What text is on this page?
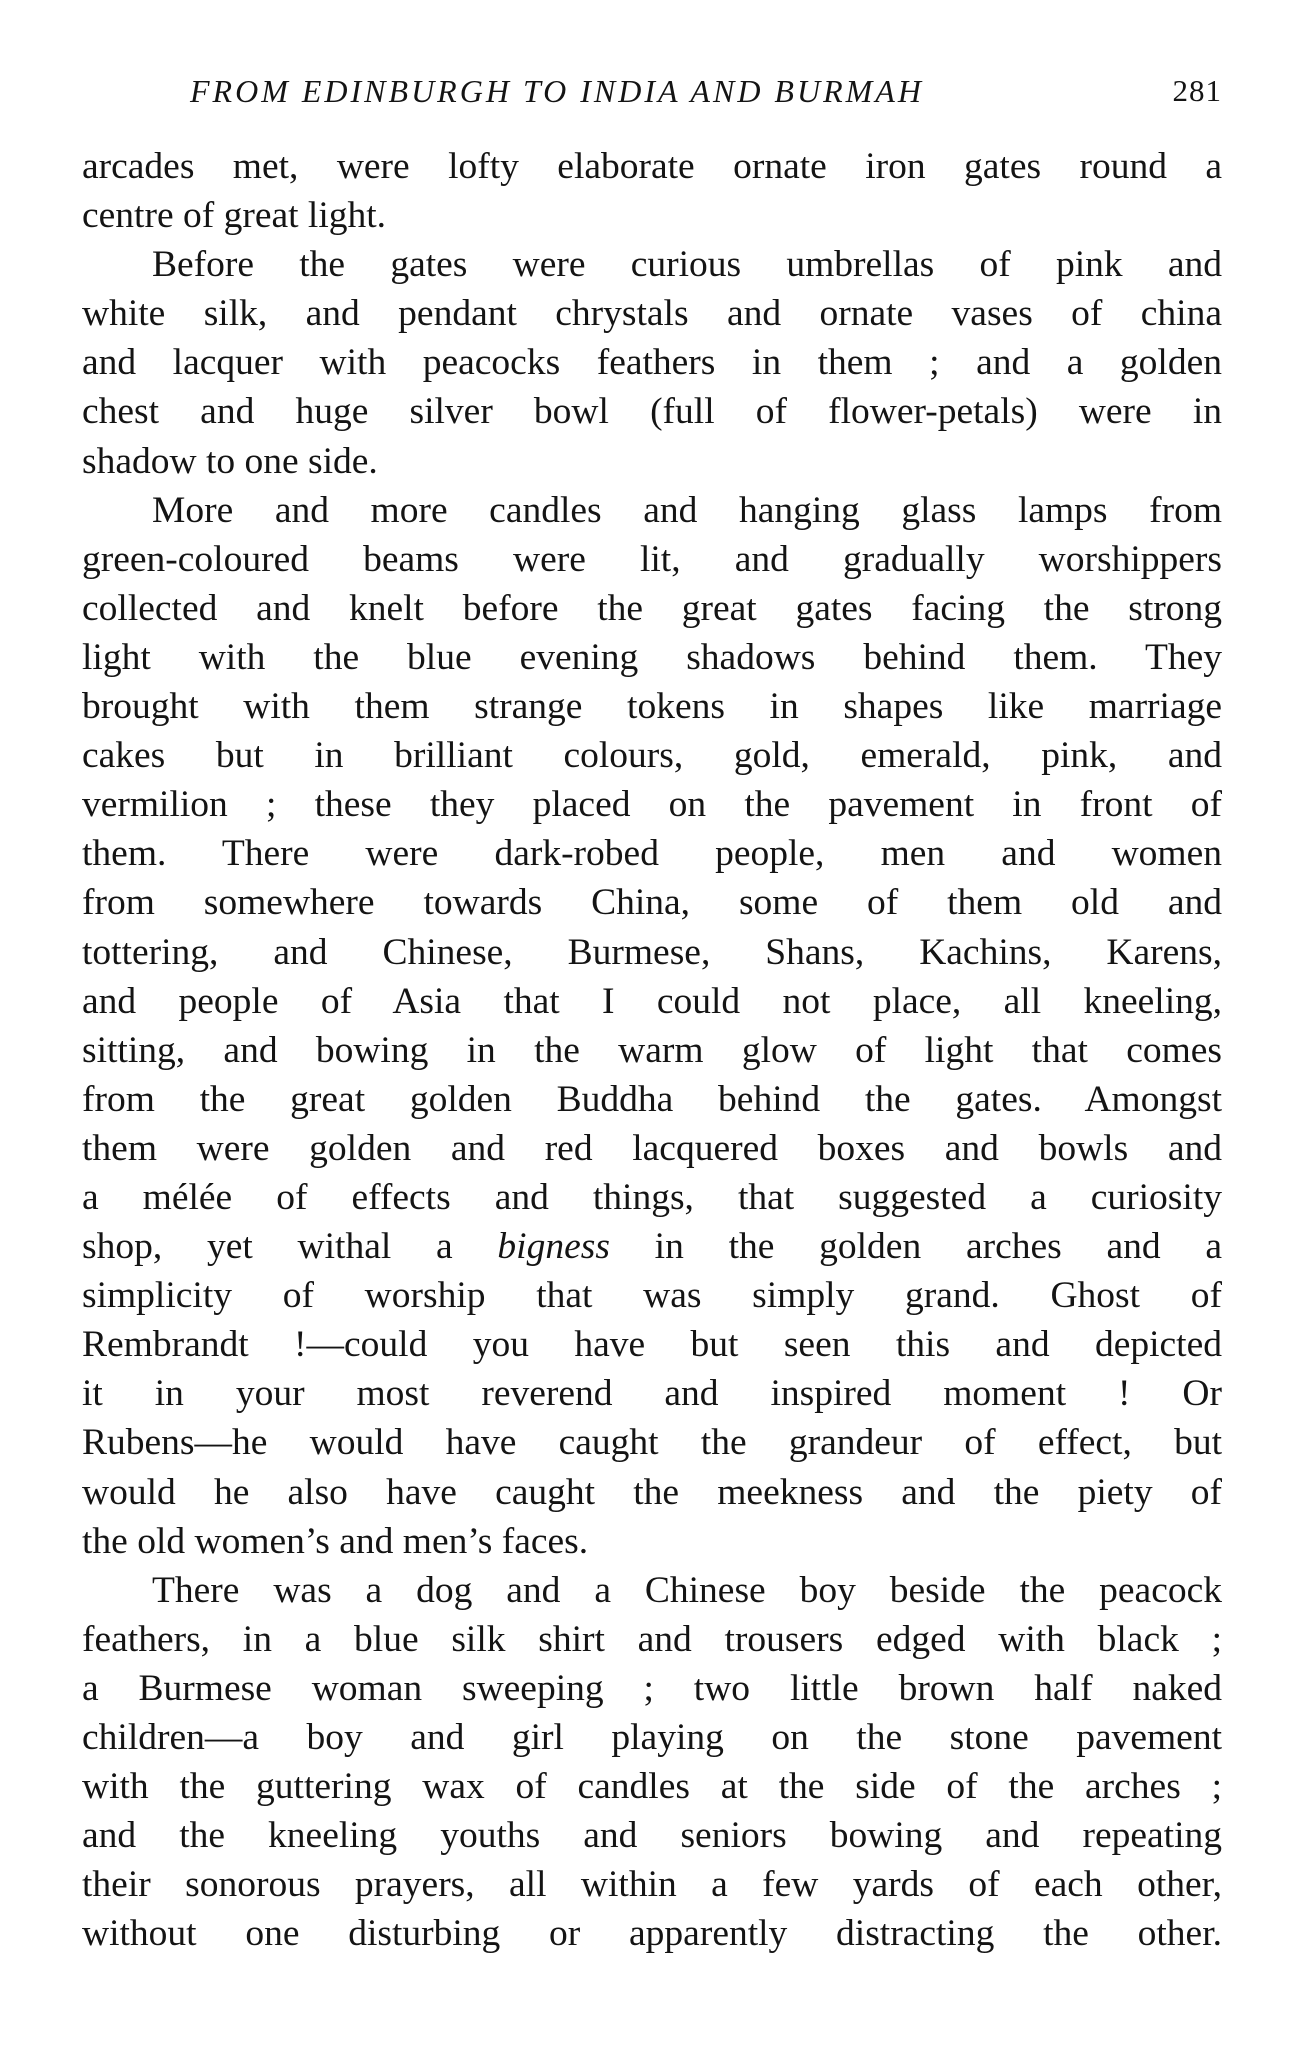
FROM EDINBURGH TO INDIA AND BURMAH	281
arcades met, were lofty elaborate ornate iron gates round a
centre of great light.
Before the gates were curious umbrellas of pink and
white silk, and pendant chrystals and ornate vases of china
and lacquer with peacocks feathers in them ; and a golden
chest and huge silver bowl (full of flower-petals) were in
shadow to one side.
More and more candles and hanging glass lamps from
green-coloured beams were lit, and gradually worshippers
collected and knelt before the great gates facing the strong
light with the blue evening shadows behind them. They
brought with them strange tokens in shapes like marriage
cakes but in brilliant colours, gold, emerald, pink, and
vermilion ; these they placed on the pavement in front of
them. There were dark-robed people, men and women
from somewhere towards China, some of them old and
tottering, and Chinese, Burmese, Shans, Kachins, Karens,
and people of Asia that I could not place, all kneeling,
sitting, and bowing in the warm glow of light that comes
from the great golden Buddha behind the gates. Amongst
them were golden and red lacquered boxes and bowls and
a mélée of effects and things, that suggested a curiosity
shop, yet withal a bigness in the golden arches and a
simplicity of worship that was simply grand. Ghost of
Rembrandt !—could you have but seen this and depicted
it in your most reverend and inspired moment ! Or
Rubens—he would have caught the grandeur of effect, but
would he also have caught the meekness and the piety of
the old women’s and men’s faces.
There was a dog and a Chinese boy beside the peacock
feathers, in a blue silk shirt and trousers edged with black ;
a Burmese woman sweeping ; two little brown half naked
children—a boy and girl playing on the stone pavement
with the guttering wax of candles at the side of the arches ;
and the kneeling youths and seniors bowing and repeating
their sonorous prayers, all within a few yards of each other,
without one disturbing or apparently distracting the other.
